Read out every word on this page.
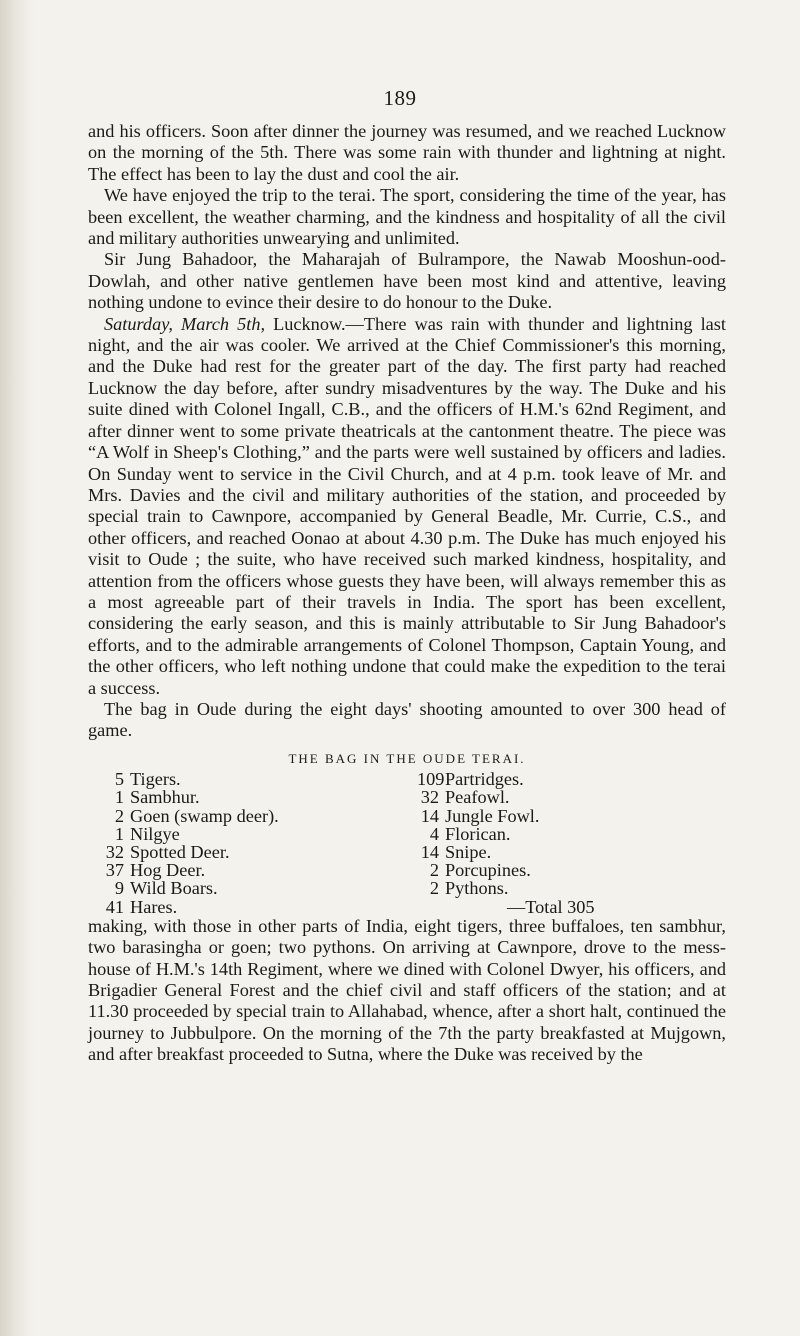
189

and his officers. Soon after dinner the journey was resumed, and we reached Lucknow on the morning of the 5th. There was some rain with thunder and lightning at night. The effect has been to lay the dust and cool the air.

We have enjoyed the trip to the terai. The sport, considering the time of the year, has been excellent, the weather charming, and the kindness and hospitality of all the civil and military authorities unwearying and unlimited.

Sir Jung Bahadoor, the Maharajah of Bulrampore, the Nawab Mooshun-ood-Dowlah, and other native gentlemen have been most kind and attentive, leaving nothing undone to evince their desire to do honour to the Duke.

Saturday, March 5th, Lucknow.—There was rain with thunder and lightning last night, and the air was cooler. We arrived at the Chief Commissioner's this morning, and the Duke had rest for the greater part of the day. The first party had reached Lucknow the day before, after sundry misadventures by the way. The Duke and his suite dined with Colonel Ingall, C.B., and the officers of H.M.'s 62nd Regiment, and after dinner went to some private theatricals at the cantonment theatre. The piece was “A Wolf in Sheep's Clothing,” and the parts were well sustained by officers and ladies. On Sunday went to service in the Civil Church, and at 4 p.m. took leave of Mr. and Mrs. Davies and the civil and military authorities of the station, and proceeded by special train to Cawnpore, accompanied by General Beadle, Mr. Currie, C.S., and other officers, and reached Oonao at about 4.30 p.m. The Duke has much enjoyed his visit to Oude ; the suite, who have received such marked kindness, hospitality, and attention from the officers whose guests they have been, will always remember this as a most agreeable part of their travels in India. The sport has been excellent, considering the early season, and this is mainly attributable to Sir Jung Bahadoor's efforts, and to the admirable arrangements of Colonel Thompson, Captain Young, and the other officers, who left nothing undone that could make the expedition to the terai a success.

The bag in Oude during the eight days' shooting amounted to over 300 head of game.

THE BAG IN THE OUDE TERAI.
5 Tigers.
1 Sambhur.
2 Goen (swamp deer).
1 Nilgye
32 Spotted Deer.
37 Hog Deer.
9 Wild Boars.
41 Hares.
109 Partridges.
32 Peafowl.
14 Jungle Fowl.
4 Florican.
14 Snipe.
2 Porcupines.
2 Pythons.
—Total 305

making, with those in other parts of India, eight tigers, three buffaloes, ten sambhur, two barasingha or goen; two pythons. On arriving at Cawnpore, drove to the mess-house of H.M.'s 14th Regiment, where we dined with Colonel Dwyer, his officers, and Brigadier General Forest and the chief civil and staff officers of the station; and at 11.30 proceeded by special train to Allahabad, whence, after a short halt, continued the journey to Jubbulpore. On the morning of the 7th the party breakfasted at Mujgown, and after breakfast proceeded to Sutna, where the Duke was received by the
